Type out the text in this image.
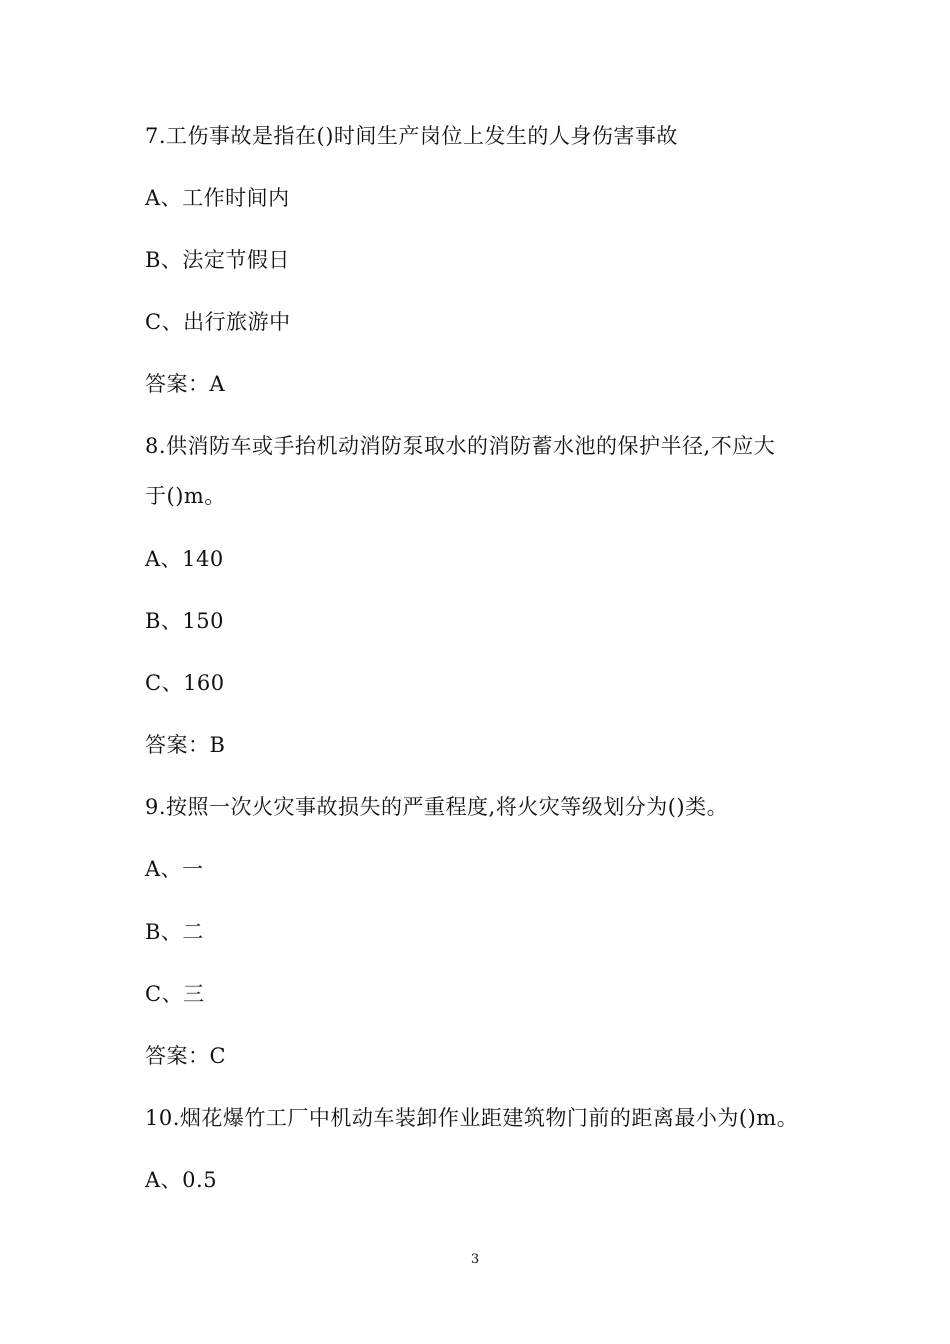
7.工伤事故是指在()时间生产岗位上发生的人身伤害事故
A、工作时间内
B、法定节假日
C、出行旅游中
答案：A
8.供消防车或手抬机动消防泵取水的消防蓄水池的保护半径,不应大
于()m。
A、140
B、150
C、160
答案：B
9.按照一次火灾事故损失的严重程度,将火灾等级划分为()类。
A、一
B、二
C、三
答案：C
10.烟花爆竹工厂中机动车装卸作业距建筑物门前的距离最小为()m。
A、0.5
3
